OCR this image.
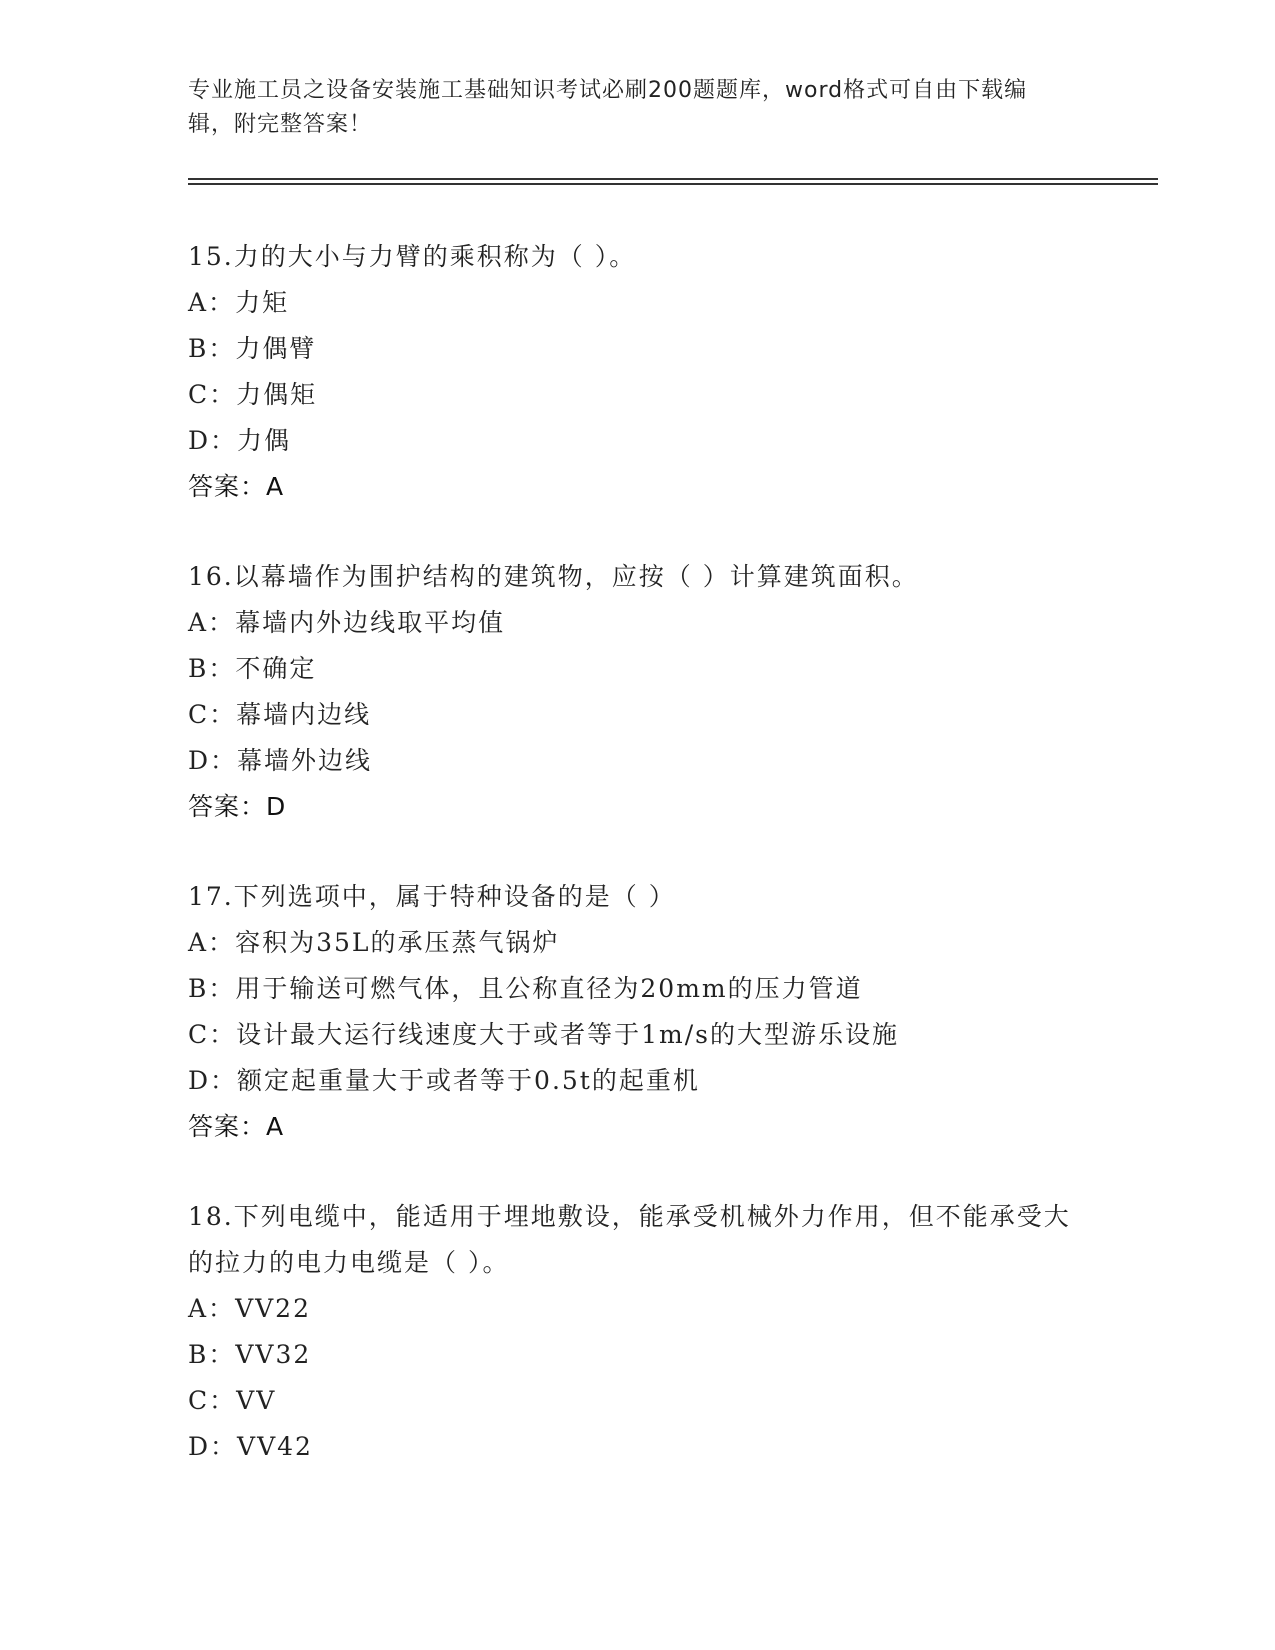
专业施工员之设备安装施工基础知识考试必刷200题题库，word格式可自由下载编辑，附完整答案！

15.力的大小与力臂的乘积称为（ ）。

A：力矩
B：力偶臂
C：力偶矩
D：力偶
答案：A

16.以幕墙作为围护结构的建筑物，应按（ ）计算建筑面积。

A：幕墙内外边线取平均值
B：不确定
C：幕墙内边线
D：幕墙外边线
答案：D

17.下列选项中，属于特种设备的是（ ）

A：容积为35L的承压蒸气锅炉
B：用于输送可燃气体，且公称直径为20mm的压力管道
C：设计最大运行线速度大于或者等于1m/s的大型游乐设施
D：额定起重量大于或者等于0.5t的起重机
答案：A

18.下列电缆中，能适用于埋地敷设，能承受机械外力作用，但不能承受大的拉力的电力电缆是（ ）。

A：VV22
B：VV32
C：VV
D：VV42
